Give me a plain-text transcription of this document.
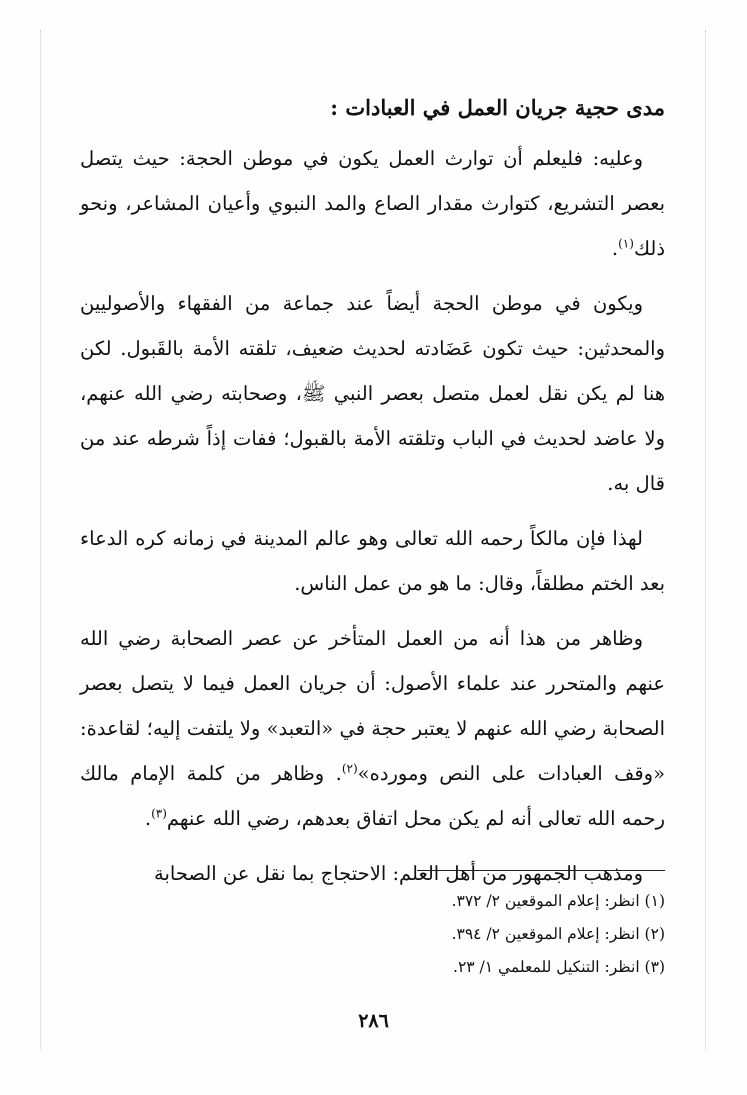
مدى حجية جريان العمل في العبادات :

وعليه: فليعلم أن توارث العمل يكون في موطن الحجة: حيث يتصل بعصر التشريع، كتوارث مقدار الصاع والمد النبوي وأعيان المشاعر، ونحو ذلك$^{(١)}$.

ويكون في موطن الحجة أيضاً عند جماعة من الفقهاء والأصوليين والمحدثين: حيث تكون عَضَادته لحديث ضعيف، تلقته الأمة بالقَبول. لكن هنا لم يكن نقل لعمل متصل بعصر النبي ﷺ، وصحابته رضي الله عنهم، ولا عاضد لحديث في الباب وتلقته الأمة بالقبول؛ ففات إذاً شرطه عند من قال به.

لهذا فإن مالكاً رحمه الله تعالى وهو عالم المدينة في زمانه كره الدعاء بعد الختم مطلقاً، وقال: ما هو من عمل الناس.

وظاهر من هذا أنه من العمل المتأخر عن عصر الصحابة رضي الله عنهم والمتحرر عند علماء الأصول: أن جريان العمل فيما لا يتصل بعصر الصحابة رضي الله عنهم لا يعتبر حجة في «التعبد» ولا يلتفت إليه؛ لقاعدة: «وقف العبادات على النص ومورده»$^{(٢)}$. وظاهر من كلمة الإمام مالك رحمه الله تعالى أنه لم يكن محل اتفاق بعدهم، رضي الله عنهم$^{(٣)}$.

ومذهب الجمهور من أهل العلم: الاحتجاج بما نقل عن الصحابة

(١) انظر: إعلام الموقعين ٢/ ٣٧٢.
(٢) انظر: إعلام الموقعين ٢/ ٣٩٤.
(٣) انظر: التنكيل للمعلمي ١/ ٢٣.
٢٨٦
